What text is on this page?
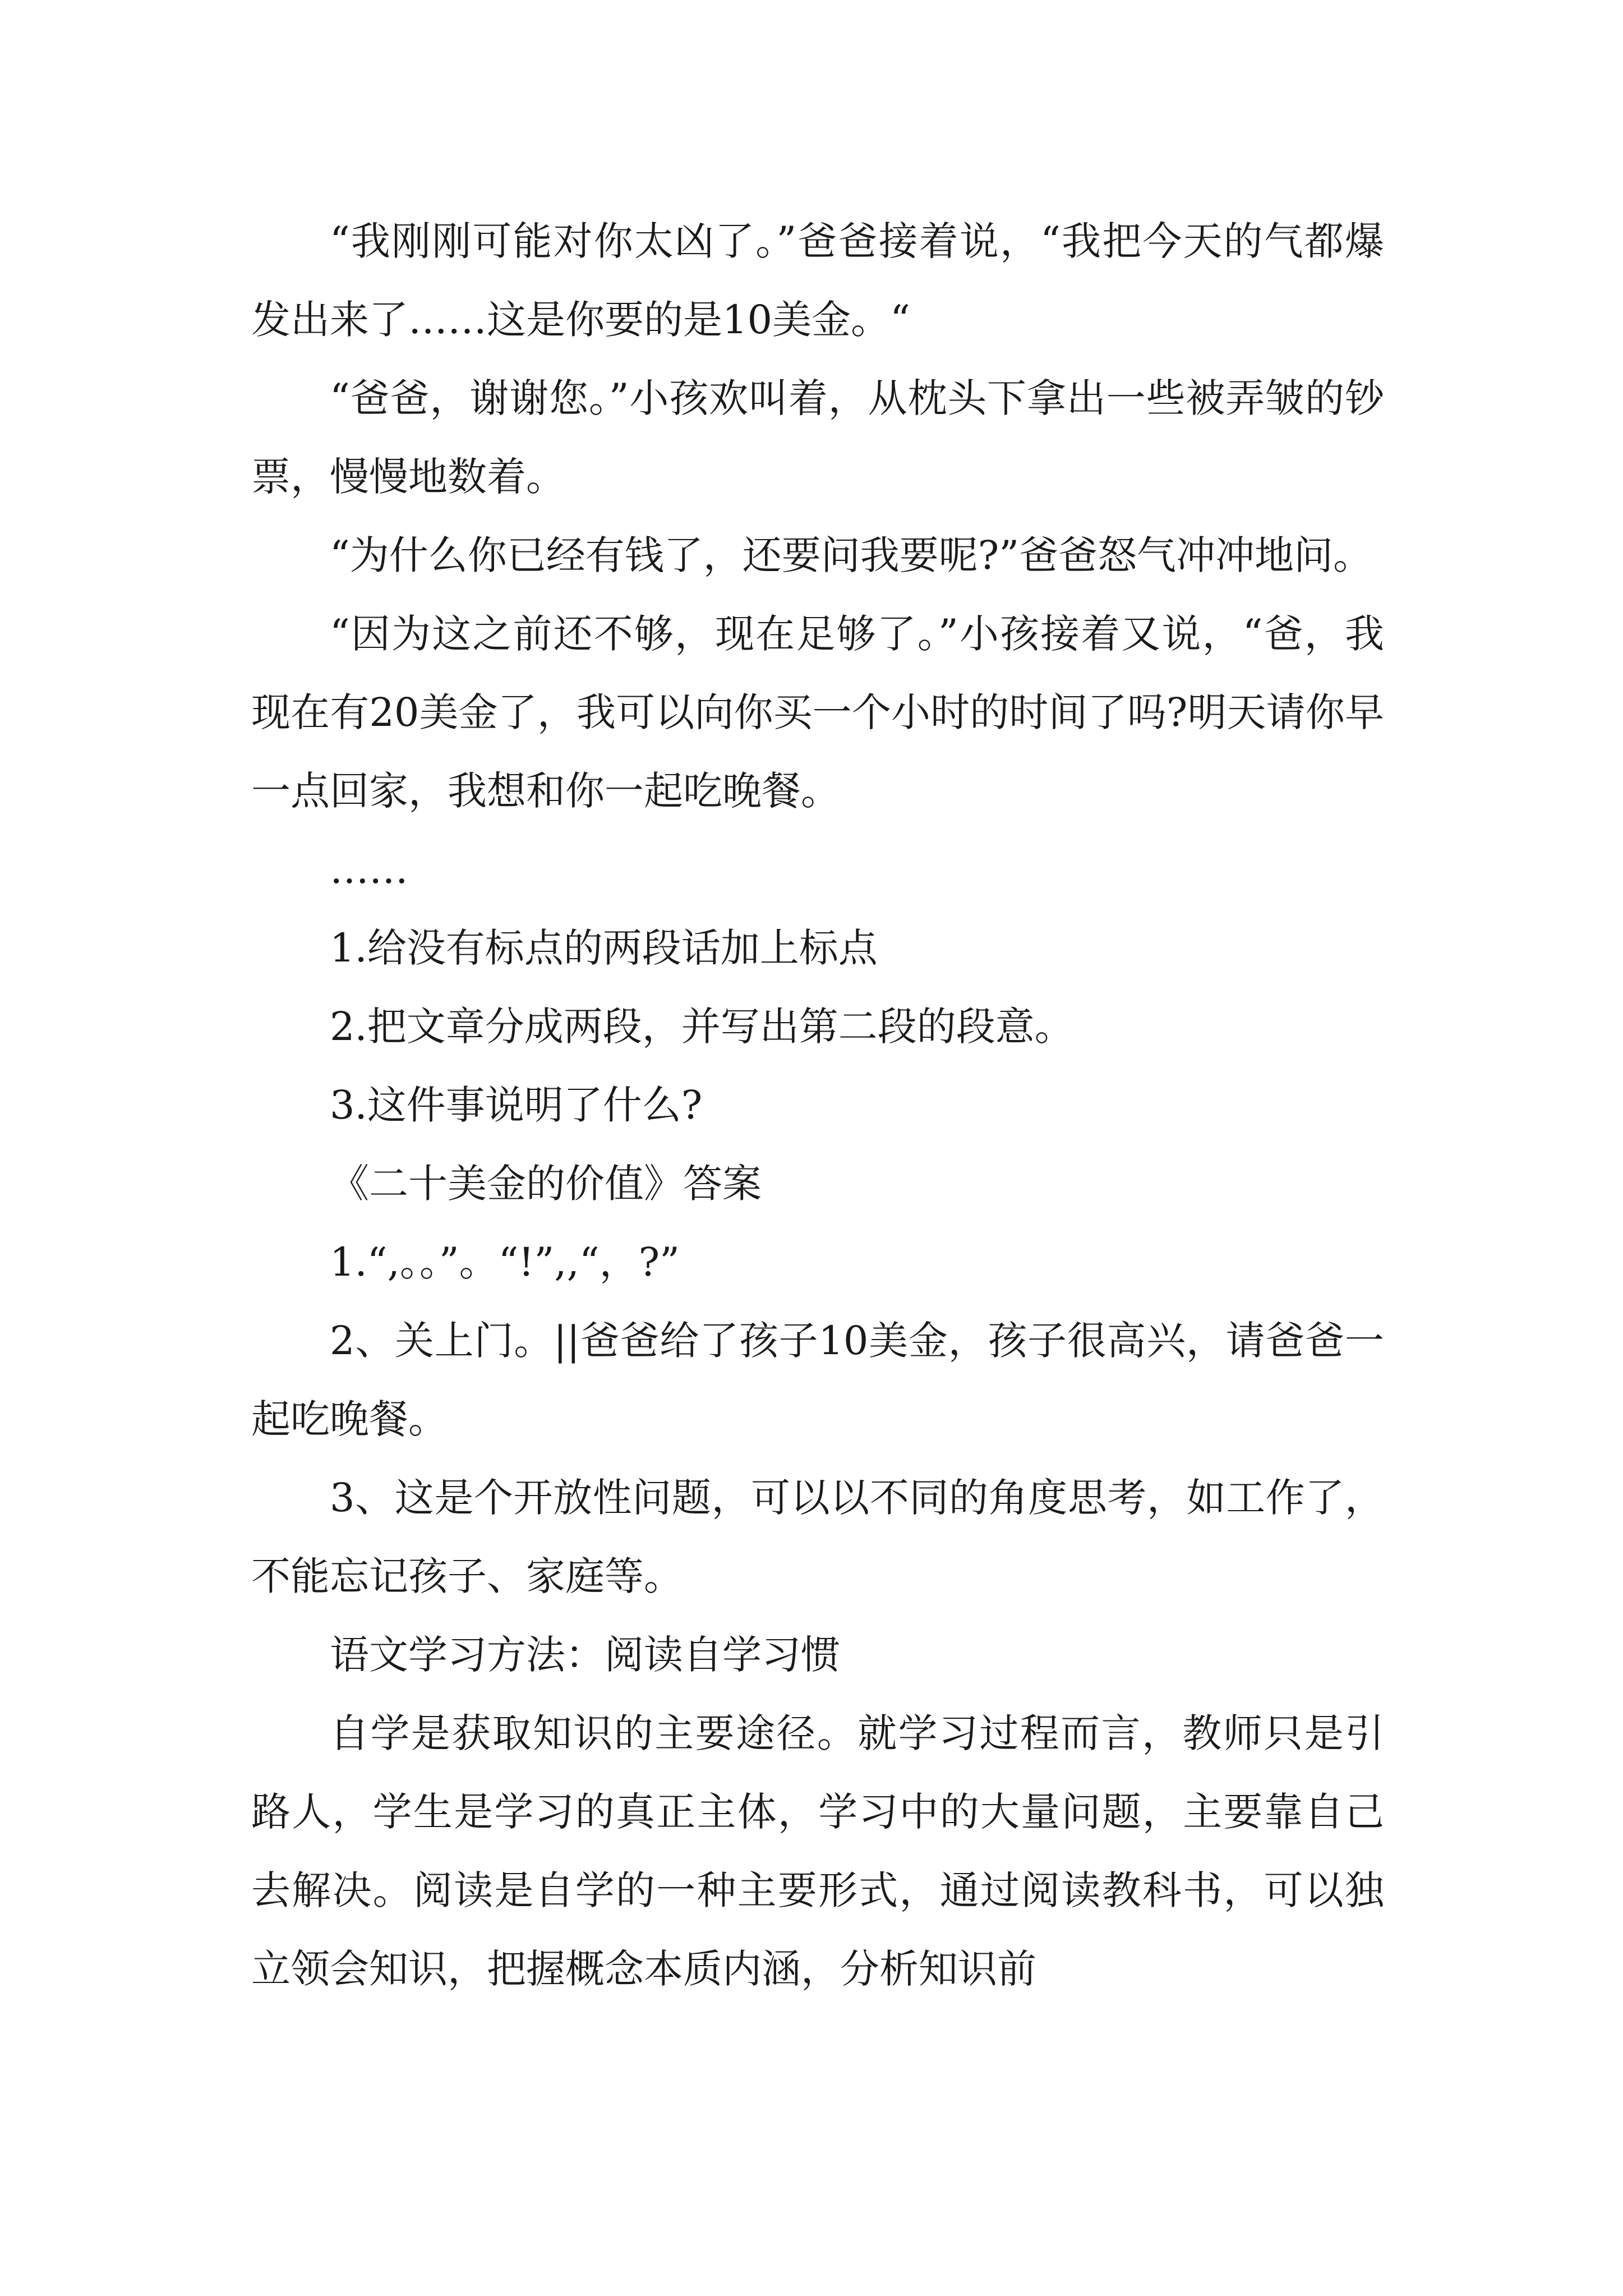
“我刚刚可能对你太凶了。”爸爸接着说，“我把今天的气都爆发出来了……这是你要的是10美金。“

“爸爸，谢谢您。”小孩欢叫着，从枕头下拿出一些被弄皱的钞票，慢慢地数着。

“为什么你已经有钱了，还要问我要呢?”爸爸怒气冲冲地问。

“因为这之前还不够，现在足够了。”小孩接着又说，“爸，我现在有20美金了，我可以向你买一个小时的时间了吗?明天请你早一点回家，我想和你一起吃晚餐。

……

1.给没有标点的两段话加上标点

2.把文章分成两段，并写出第二段的段意。

3.这件事说明了什么?

《二十美金的价值》答案

1.“,。。”。“!”,,“，?”

2、关上门。||爸爸给了孩子10美金，孩子很高兴，请爸爸一起吃晚餐。

3、这是个开放性问题，可以以不同的角度思考，如工作了，不能忘记孩子、家庭等。

语文学习方法：阅读自学习惯

自学是获取知识的主要途径。就学习过程而言，教师只是引路人，学生是学习的真正主体，学习中的大量问题，主要靠自己去解决。阅读是自学的一种主要形式，通过阅读教科书，可以独立领会知识，把握概念本质内涵，分析知识前
